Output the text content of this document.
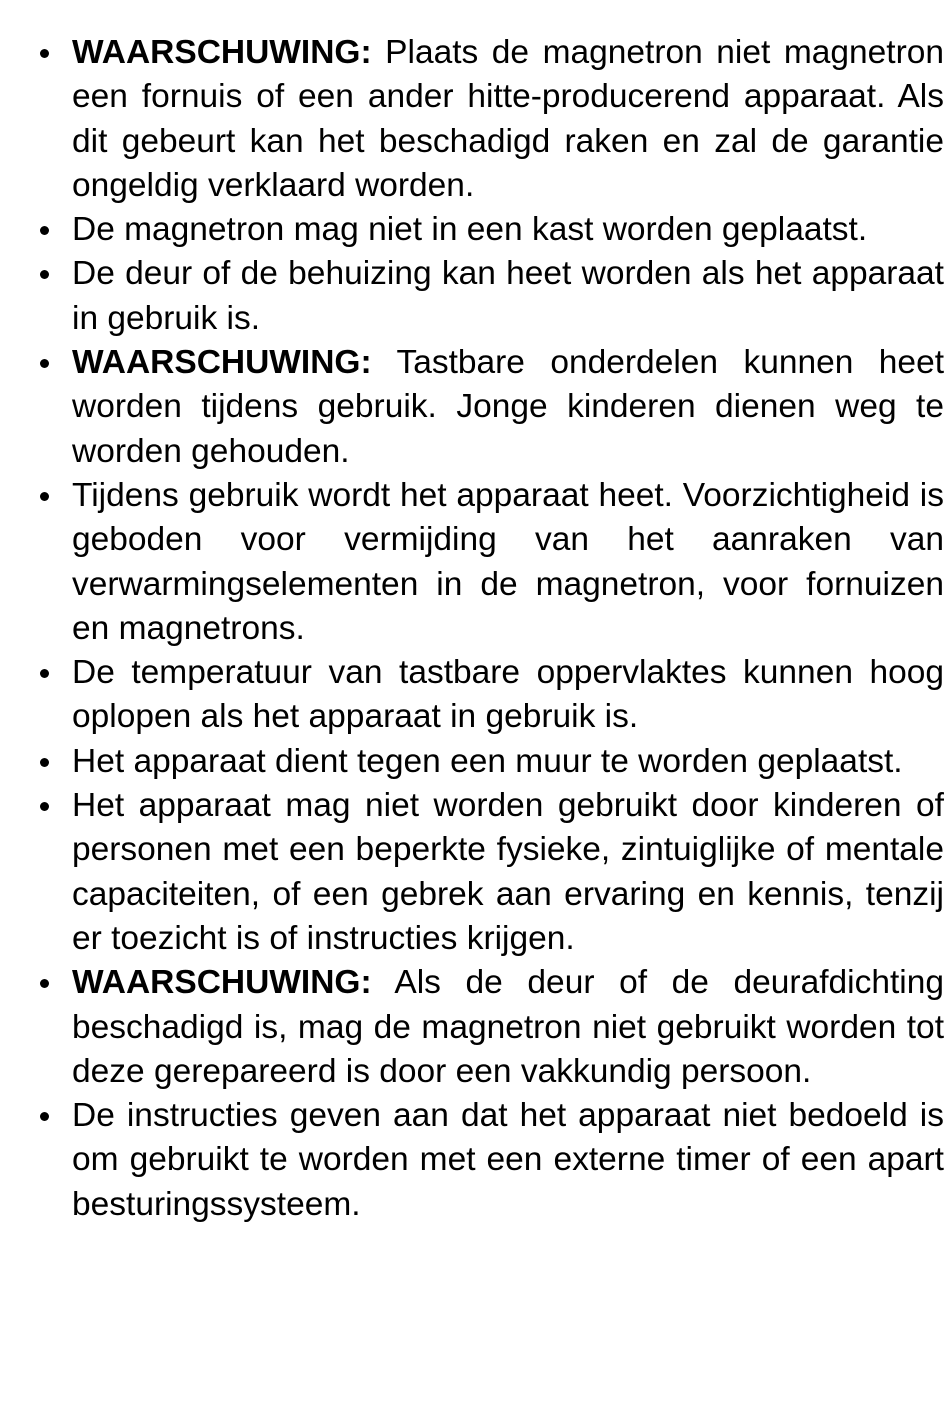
WAARSCHUWING: Plaats de magnetron niet magnetron een fornuis of een ander hitte-producerend apparaat. Als dit gebeurt kan het beschadigd raken en zal de garantie ongeldig verklaard worden.
De magnetron mag niet in een kast worden geplaatst.
De deur of de behuizing kan heet worden als het apparaat in gebruik is.
WAARSCHUWING: Tastbare onderdelen kunnen heet worden tijdens gebruik. Jonge kinderen dienen weg te worden gehouden.
Tijdens gebruik wordt het apparaat heet. Voorzichtigheid is geboden voor vermijding van het aanraken van verwarmingselementen in de magnetron, voor fornuizen en magnetrons.
De temperatuur van tastbare oppervlaktes kunnen hoog oplopen als het apparaat in gebruik is.
Het apparaat dient tegen een muur te worden geplaatst.
Het apparaat mag niet worden gebruikt door kinderen of personen met een beperkte fysieke, zintuiglijke of mentale capaciteiten, of een gebrek aan ervaring en kennis, tenzij er toezicht is of instructies krijgen.
WAARSCHUWING: Als de deur of de deurafdichting beschadigd is, mag de magnetron niet gebruikt worden tot deze gerepareerd is door een vakkundig persoon.
De instructies geven aan dat het apparaat niet bedoeld is om gebruikt te worden met een externe timer of een apart besturingssysteem.
